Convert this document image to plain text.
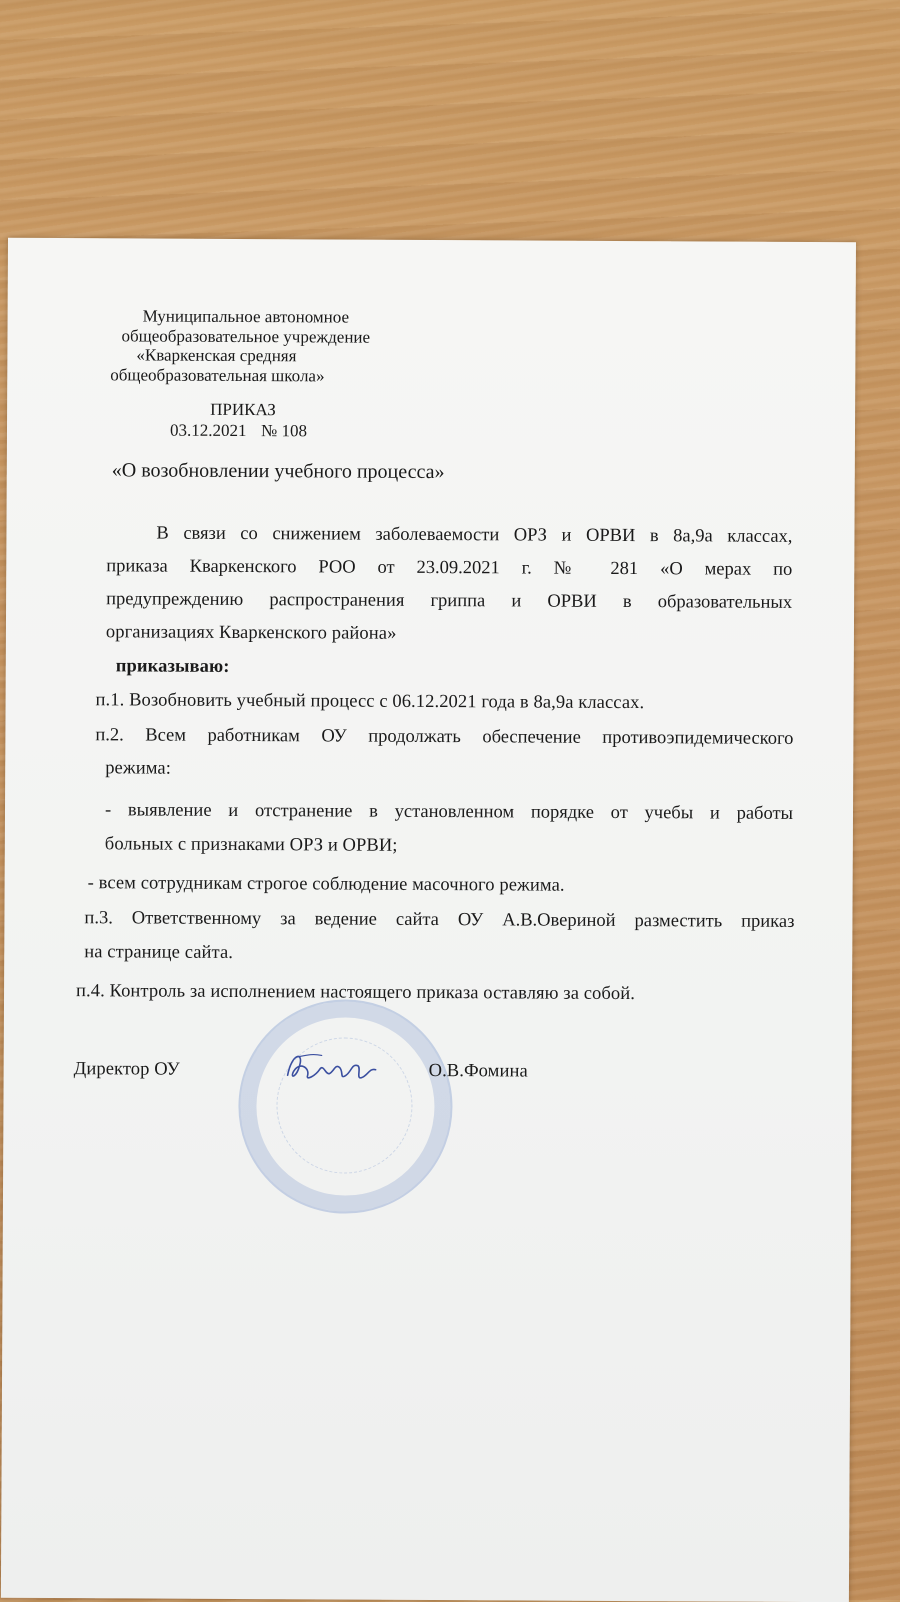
Муниципальное автономное
общеобразовательное учреждение
«Кваркенская средняя
общеобразовательная школа»
ПРИКАЗ
03.12.2021 № 108
«О возобновлении учебного процесса»
В связи со снижением заболеваемости ОРЗ и ОРВИ в 8а,9а классах,
приказа Кваркенского РОО от 23.09.2021 г. № 281 «О мерах по
предупреждению распространения гриппа и ОРВИ в образовательных
организациях Кваркенского района»
приказываю:
п.1. Возобновить учебный процесс с 06.12.2021 года в 8а,9а классах.
п.2. Всем работникам ОУ продолжать обеспечение противоэпидемического
режима:
- выявление и отстранение в установленном порядке от учебы и работы
больных с признаками ОРЗ и ОРВИ;
- всем сотрудникам строгое соблюдение масочного режима.
п.3. Ответственному за ведение сайта ОУ А.В.Овериной разместить приказ
на странице сайта.
п.4. Контроль за исполнением настоящего приказа оставляю за собой.
Директор ОУ	О.В.Фомина
